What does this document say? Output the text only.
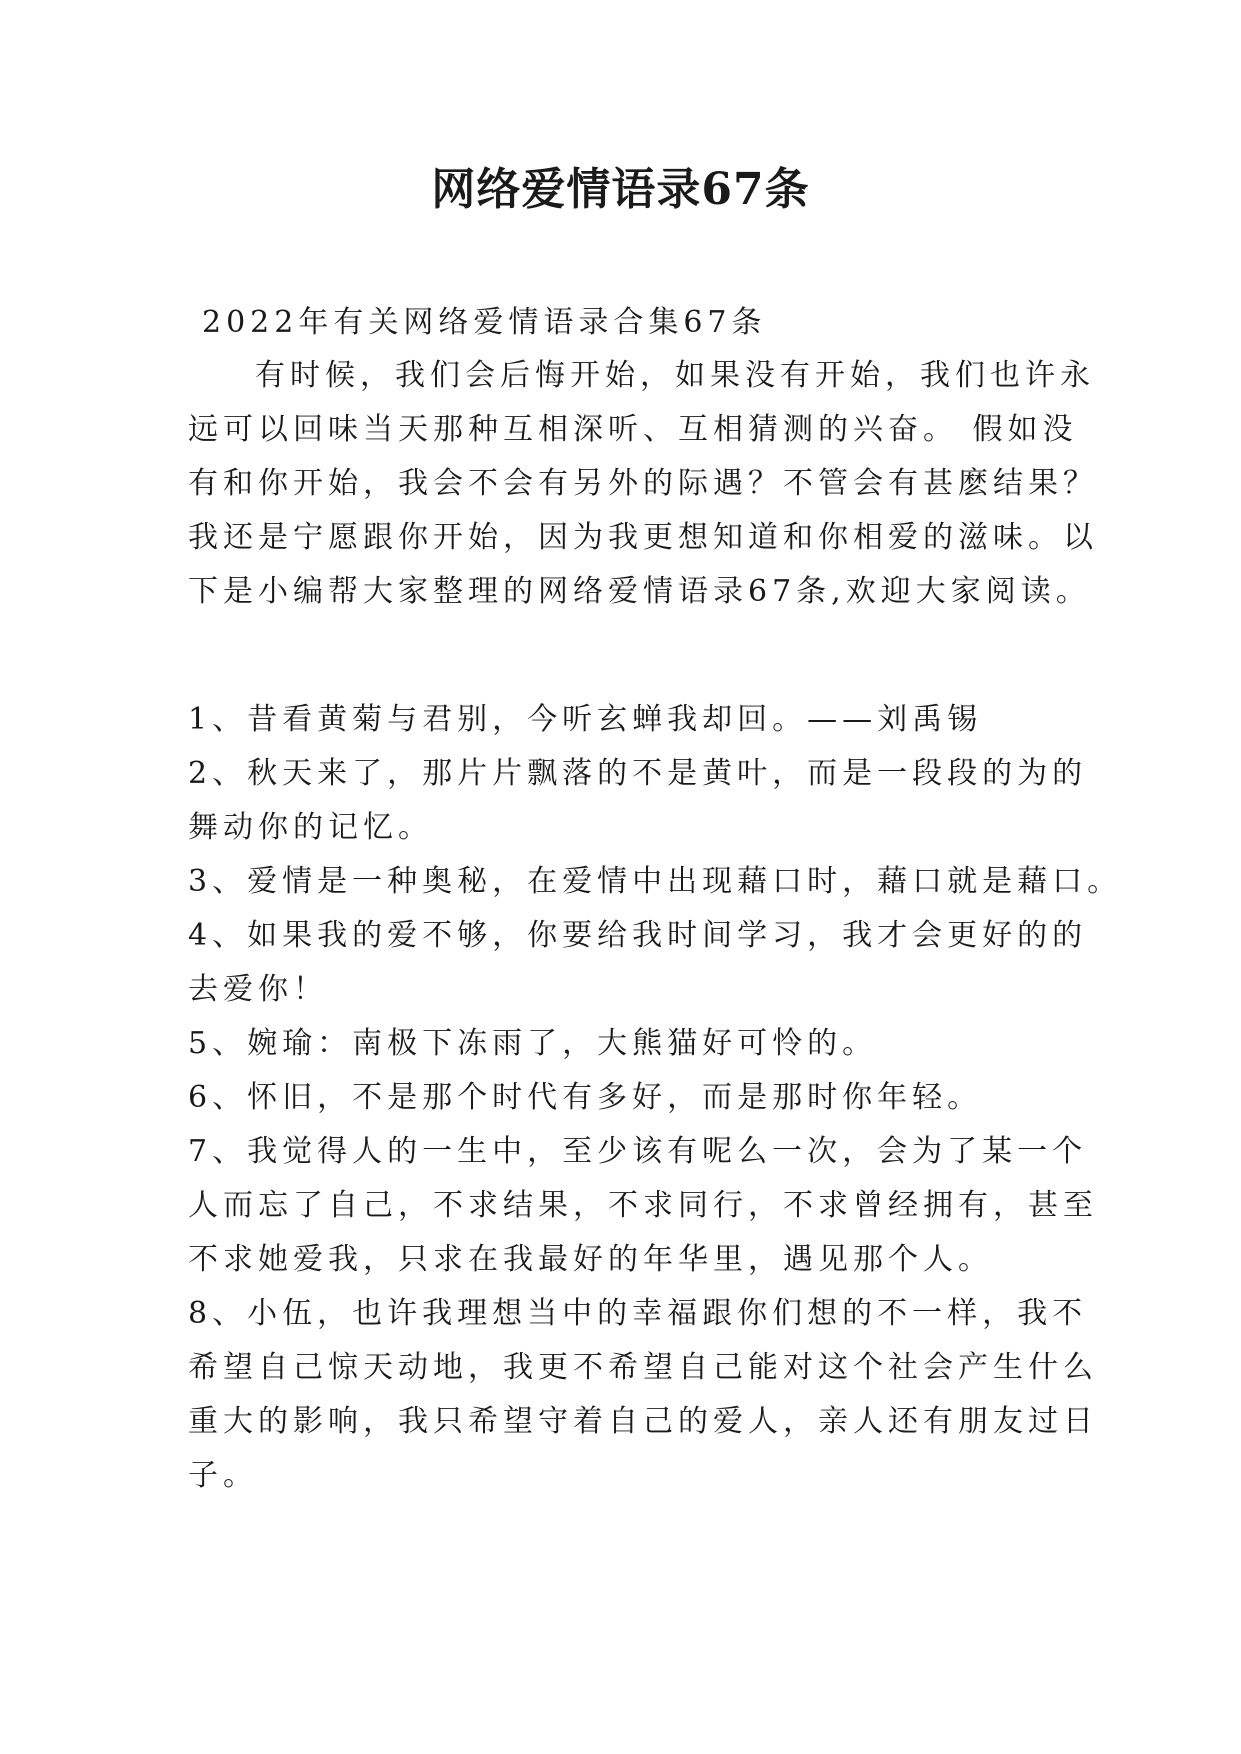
网络爱情语录67条
2022年有关网络爱情语录合集67条
有时候，我们会后悔开始，如果没有开始，我们也许永
远可以回味当天那种互相深听、互相猜测的兴奋。 假如没
有和你开始，我会不会有另外的际遇？不管会有甚麽结果？
我还是宁愿跟你开始，因为我更想知道和你相爱的滋味。以
下是小编帮大家整理的网络爱情语录67条,欢迎大家阅读。
1、昔看黄菊与君别，今听玄蝉我却回。——刘禹锡
2、秋天来了，那片片飘落的不是黄叶，而是一段段的为的
舞动你的记忆。
3、爱情是一种奥秘，在爱情中出现藉口时，藉口就是藉口。
4、如果我的爱不够，你要给我时间学习，我才会更好的的
去爱你！
5、婉瑜：南极下冻雨了，大熊猫好可怜的。
6、怀旧，不是那个时代有多好，而是那时你年轻。
7、我觉得人的一生中，至少该有呢么一次，会为了某一个
人而忘了自己，不求结果，不求同行，不求曾经拥有，甚至
不求她爱我，只求在我最好的年华里，遇见那个人。
8、小伍，也许我理想当中的幸福跟你们想的不一样，我不
希望自己惊天动地，我更不希望自己能对这个社会产生什么
重大的影响，我只希望守着自己的爱人，亲人还有朋友过日
子。
